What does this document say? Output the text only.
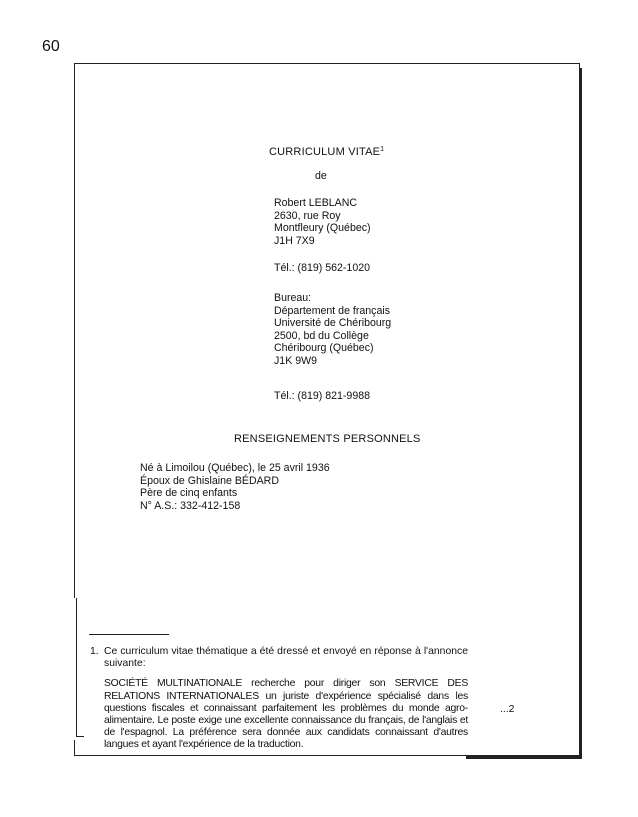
60
CURRICULUM VITAE$^1$
de
Robert LEBLANC
2630, rue Roy
Montfleury (Québec)
J1H 7X9
Tél.: (819) 562-1020
Bureau:
Département de français
Université de Chéribourg
2500, bd du Collège
Chéribourg (Québec)
J1K 9W9
Tél.: (819) 821-9988
RENSEIGNEMENTS PERSONNELS
Né à Limoilou (Québec), le 25 avril 1936
Époux de Ghislaine BÉDARD
Père de cinq enfants
N° A.S.: 332-412-158
1. Ce curriculum vitae thématique a été dressé et envoyé en réponse à l'annonce suivante:
SOCIÉTÉ MULTINATIONALE recherche pour diriger son SERVICE DES RELATIONS INTERNATIONALES un juriste d'expérience spécialisé dans les questions fiscales et connaissant parfaitement les problèmes du monde agro-alimentaire. Le poste exige une excellente connaissance du français, de l'anglais et de l'espagnol. La préférence sera donnée aux candidats connaissant d'autres langues et ayant l'expérience de la traduction.
...2
